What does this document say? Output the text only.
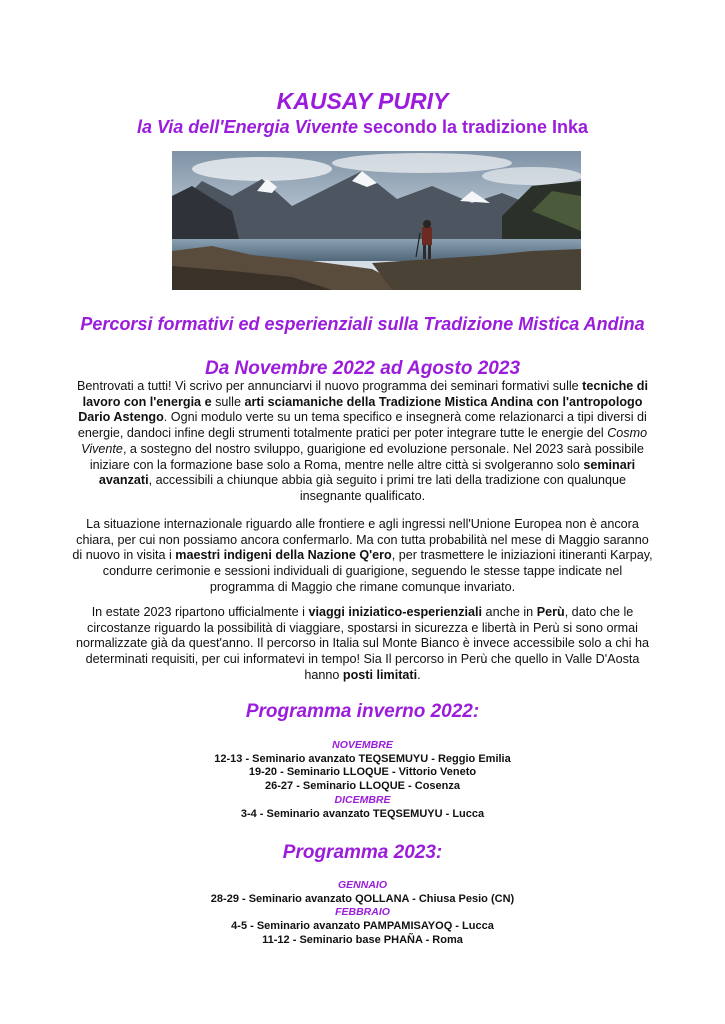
KAUSAY PURIY
la Via dell'Energia Vivente secondo la tradizione Inka
Percorsi formativi ed esperienziali sulla Tradizione Mistica Andina
Da Novembre 2022 ad Agosto 2023

Bentrovati a tutti! Vi scrivo per annunciarvi il nuovo programma dei seminari formativi sulle tecniche di lavoro con l'energia e sulle arti sciamaniche della Tradizione Mistica Andina con l'antropologo Dario Astengo. Ogni modulo verte su un tema specifico e insegnerà come relazionarci a tipi diversi di energie, dandoci infine degli strumenti totalmente pratici per poter integrare tutte le energie del Cosmo Vivente, a sostegno del nostro sviluppo, guarigione ed evoluzione personale. Nel 2023 sarà possibile iniziare con la formazione base solo a Roma, mentre nelle altre città si svolgeranno solo seminari avanzati, accessibili a chiunque abbia già seguito i primi tre lati della tradizione con qualunque insegnante qualificato.

La situazione internazionale riguardo alle frontiere e agli ingressi nell'Unione Europea non è ancora chiara, per cui non possiamo ancora confermarlo. Ma con tutta probabilità nel mese di Maggio saranno di nuovo in visita i maestri indigeni della Nazione Q'ero, per trasmettere le iniziazioni itineranti Karpay, condurre cerimonie e sessioni individuali di guarigione, seguendo le stesse tappe indicate nel programma di Maggio che rimane comunque invariato.

In estate 2023 ripartono ufficialmente i viaggi iniziatico-esperienziali anche in Perù, dato che le circostanze riguardo la possibilità di viaggiare, spostarsi in sicurezza e libertà in Perù si sono ormai normalizzate già da quest'anno. Il percorso in Italia sul Monte Bianco è invece accessibile solo a chi ha determinati requisiti, per cui informatevi in tempo! Sia Il percorso in Perù che quello in Valle D'Aosta hanno posti limitati.

Programma inverno 2022:
NOVEMBRE
12-13 - Seminario avanzato TEQSEMUYU - Reggio Emilia
19-20 - Seminario LLOQUE - Vittorio Veneto
26-27 - Seminario LLOQUE - Cosenza
DICEMBRE
3-4 - Seminario avanzato TEQSEMUYU - Lucca
Programma 2023:
GENNAIO
28-29 - Seminario avanzato QOLLANA - Chiusa Pesio (CN)
FEBBRAIO
4-5 - Seminario avanzato PAMPAMISAYOQ - Lucca
11-12 - Seminario base PHAÑA - Roma
